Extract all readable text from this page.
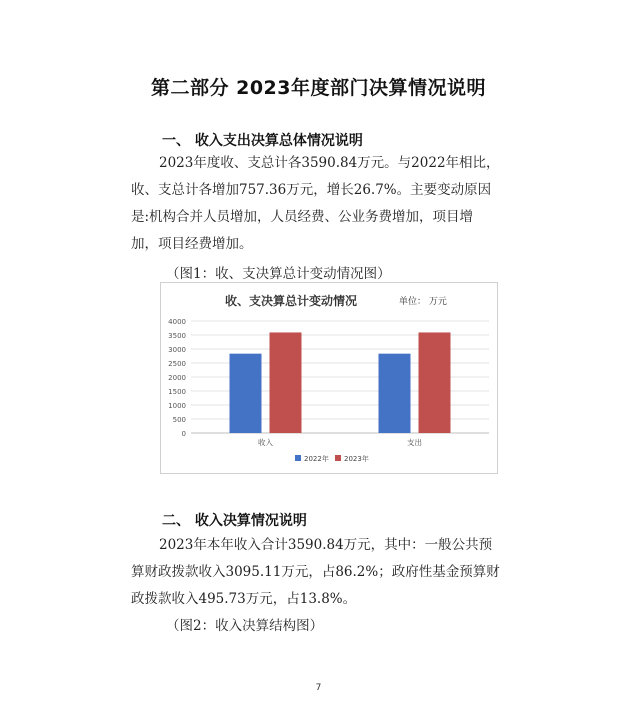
第二部分 2023年度部门决算情况说明
一、 收入支出决算总体情况说明
2023年度收、支总计各3590.84万元。与2022年相比，
收、支总计各增加757.36万元，增长26.7%。主要变动原因
是:机构合并人员增加，人员经费、公业务费增加，项目增
加，项目经费增加。
（图1：收、支决算总计变动情况图）
收、支决算总计变动情况	单位： 万元
4000
3500
3000
2500
2000
1500
1000
500
0
收入	支出
2022年 2023年
二、 收入决算情况说明
2023年本年收入合计3590.84万元，其中：一般公共预
算财政拨款收入3095.11万元，占86.2%；政府性基金预算财
政拨款收入495.73万元，占13.8%。
（图2：收入决算结构图）
7
